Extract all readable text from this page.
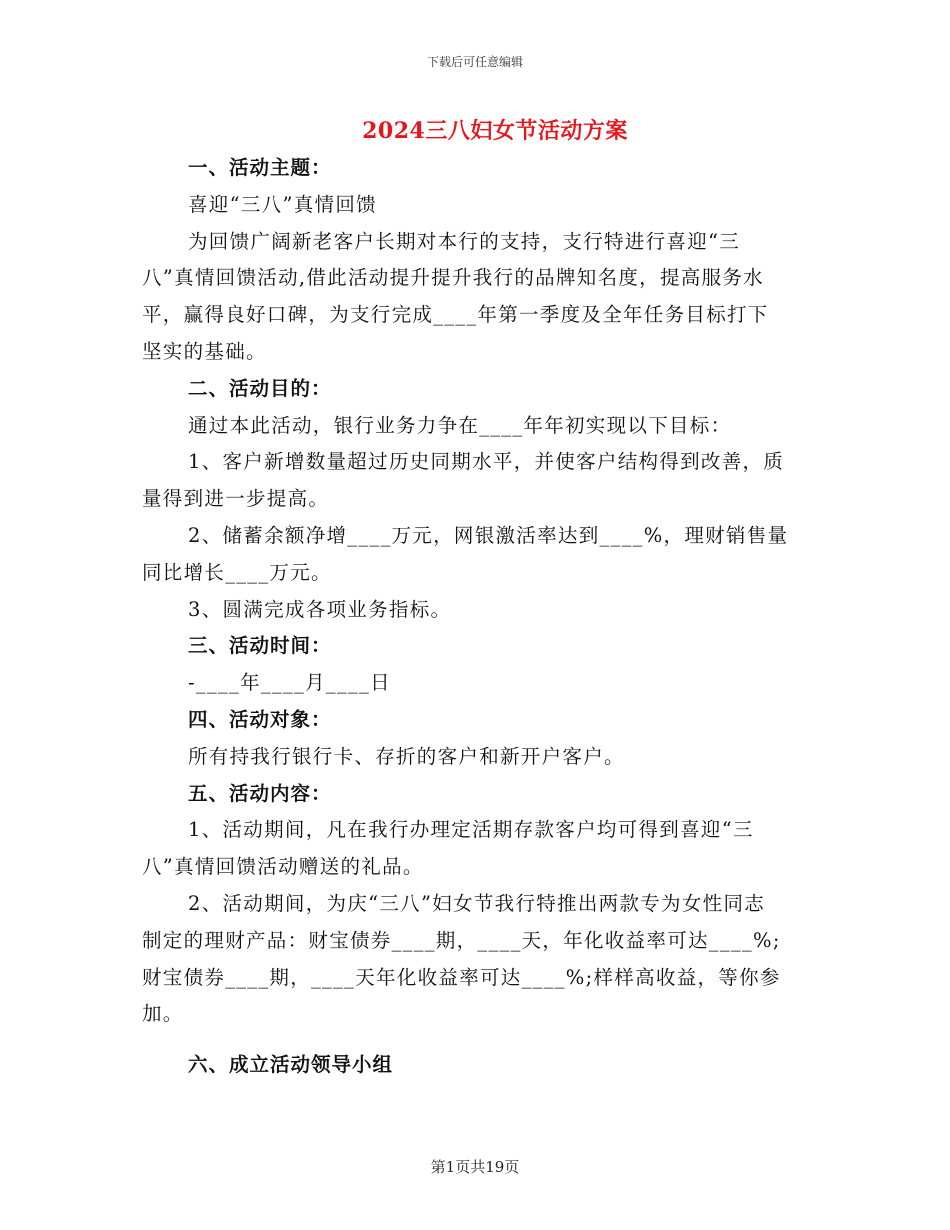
下载后可任意编辑
2024三八妇女节活动方案
一、活动主题：
喜迎“三八”真情回馈
为回馈广阔新老客户长期对本行的支持，支行特进行喜迎“三
八”真情回馈活动,借此活动提升提升我行的品牌知名度，提高服务水
平，赢得良好口碑，为支行完成____年第一季度及全年任务目标打下
坚实的基础。
二、活动目的：
通过本此活动，银行业务力争在____年年初实现以下目标：
1、客户新增数量超过历史同期水平，并使客户结构得到改善，质
量得到进一步提高。
2、储蓄余额净增____万元，网银激活率达到____%，理财销售量
同比增长____万元。
3、圆满完成各项业务指标。
三、活动时间：
-____年____月____日
四、活动对象：
所有持我行银行卡、存折的客户和新开户客户。
五、活动内容：
1、活动期间，凡在我行办理定活期存款客户均可得到喜迎“三
八”真情回馈活动赠送的礼品。
2、活动期间，为庆“三八”妇女节我行特推出两款专为女性同志
制定的理财产品：财宝债券____期，____天，年化收益率可达____%;
财宝债券____期，____天年化收益率可达____%;样样高收益，等你参
加。
六、成立活动领导小组
第1页共19页
